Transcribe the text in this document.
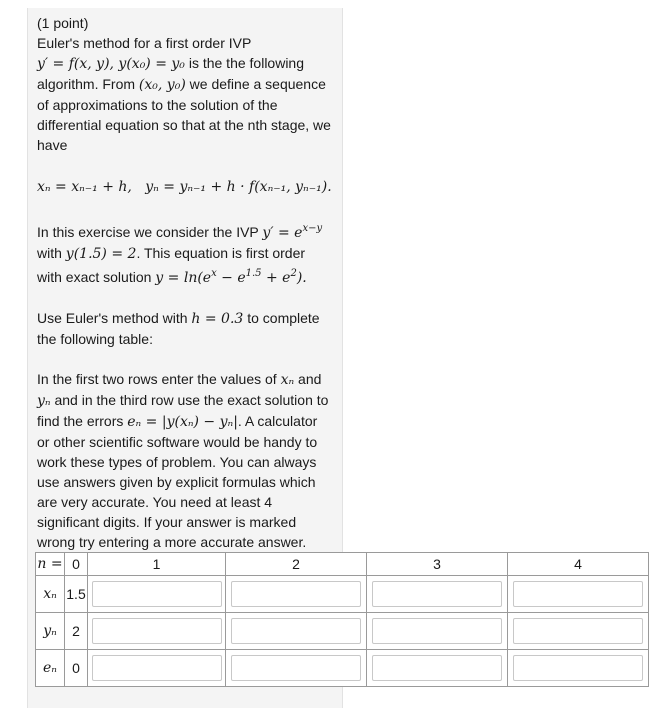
(1 point)

Euler's method for a first order IVP

y′ = f(x, y), y(x₀) = y₀ is the the following

algorithm. From (x₀, y₀) we define a sequence

of approximations to the solution of the

differential equation so that at the nth stage, we

have

xₙ = xₙ₋₁ + h, yₙ = yₙ₋₁ + h · f(xₙ₋₁, yₙ₋₁).

In this exercise we consider the IVP $y' = e^{x-y}$

with y(1.5) = 2. This equation is first order

with exact solution $y = \ln(e^x - e^{1.5} + e^2)$.

Use Euler's method with h = 0.3 to complete

the following table:

In the first two rows enter the values of xₙ and

yₙ and in the third row use the exact solution to

find the errors eₙ = |y(xₙ) − yₙ|. A calculator

or other scientific software would be handy to

work these types of problem. You can always

use answers given by explicit formulas which

are very accurate. You need at least 4

significant digits. If your answer is marked

wrong try entering a more accurate answer.

n =	0	1	2	3	4
xₙ	1.5	

yₙ	2	

eₙ	0	
